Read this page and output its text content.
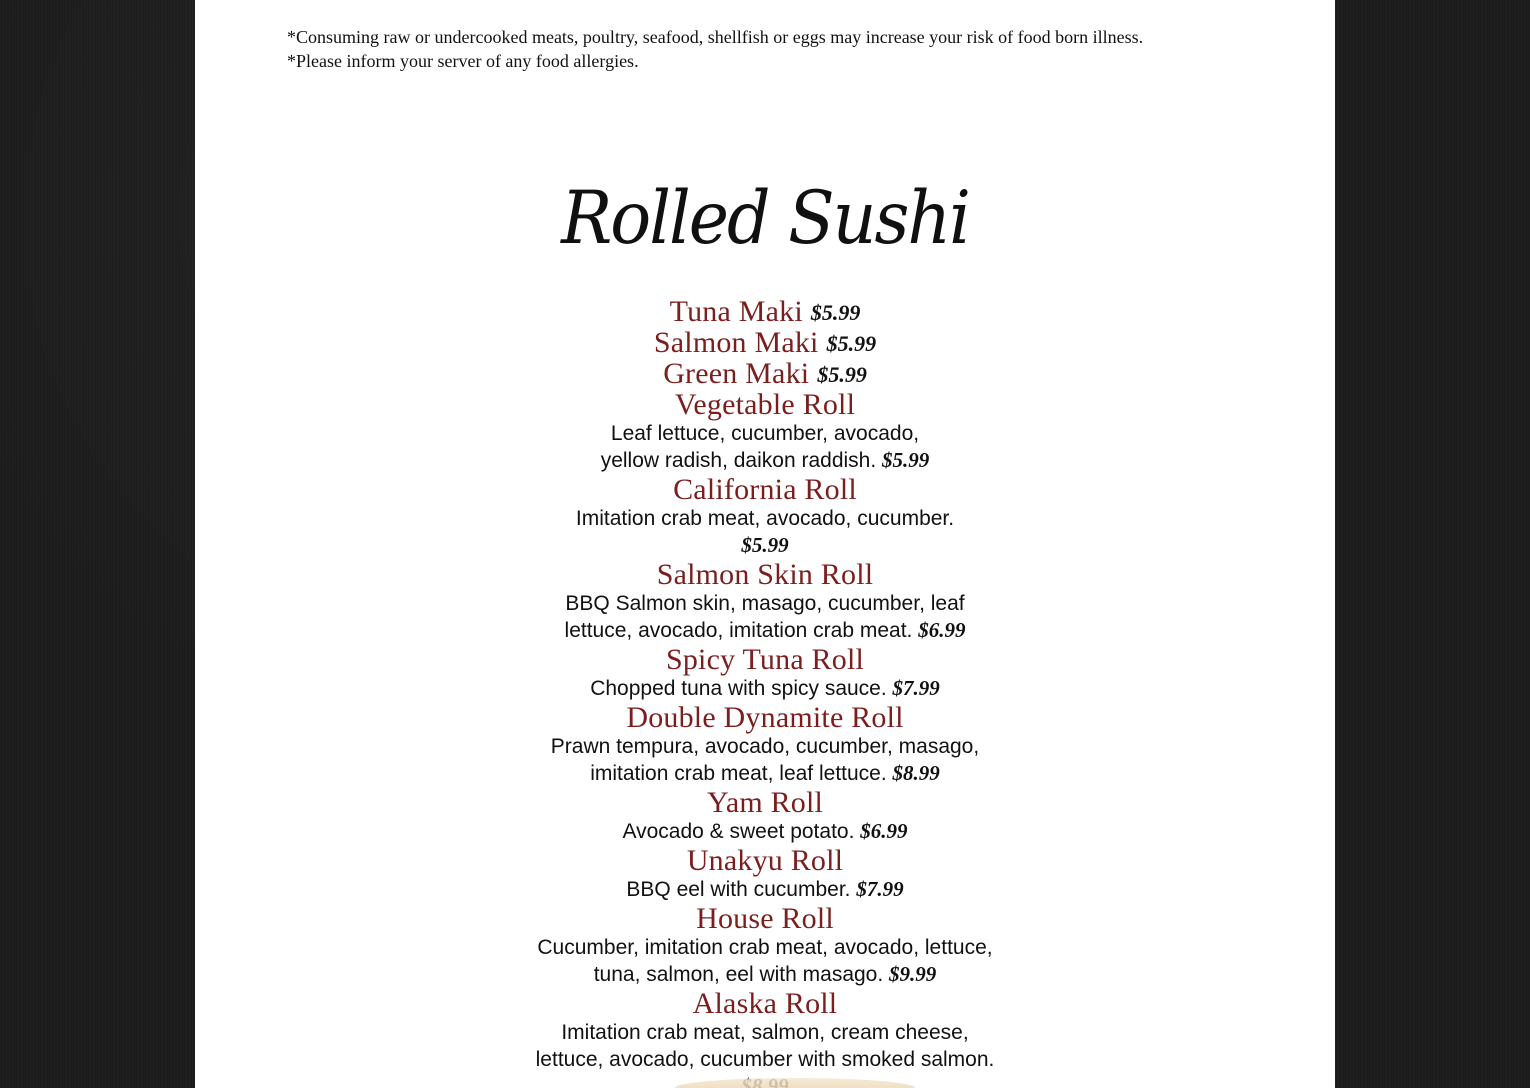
*Consuming raw or undercooked meats, poultry, seafood, shellfish or eggs may increase your risk of food born illness.
*Please inform your server of any food allergies.
Rolled Sushi
Tuna Maki $5.99
Salmon Maki $5.99
Green Maki $5.99
Vegetable Roll
Leaf lettuce, cucumber, avocado,
yellow radish, daikon raddish. $5.99
California Roll
Imitation crab meat, avocado, cucumber.
$5.99
Salmon Skin Roll
BBQ Salmon skin, masago, cucumber, leaf
lettuce, avocado, imitation crab meat. $6.99
Spicy Tuna Roll
Chopped tuna with spicy sauce. $7.99
Double Dynamite Roll
Prawn tempura, avocado, cucumber, masago,
imitation crab meat, leaf lettuce. $8.99
Yam Roll
Avocado & sweet potato. $6.99
Unakyu Roll
BBQ eel with cucumber. $7.99
House Roll
Cucumber, imitation crab meat, avocado, lettuce,
tuna, salmon, eel with masago. $9.99
Alaska Roll
Imitation crab meat, salmon, cream cheese,
lettuce, avocado, cucumber with smoked salmon.
